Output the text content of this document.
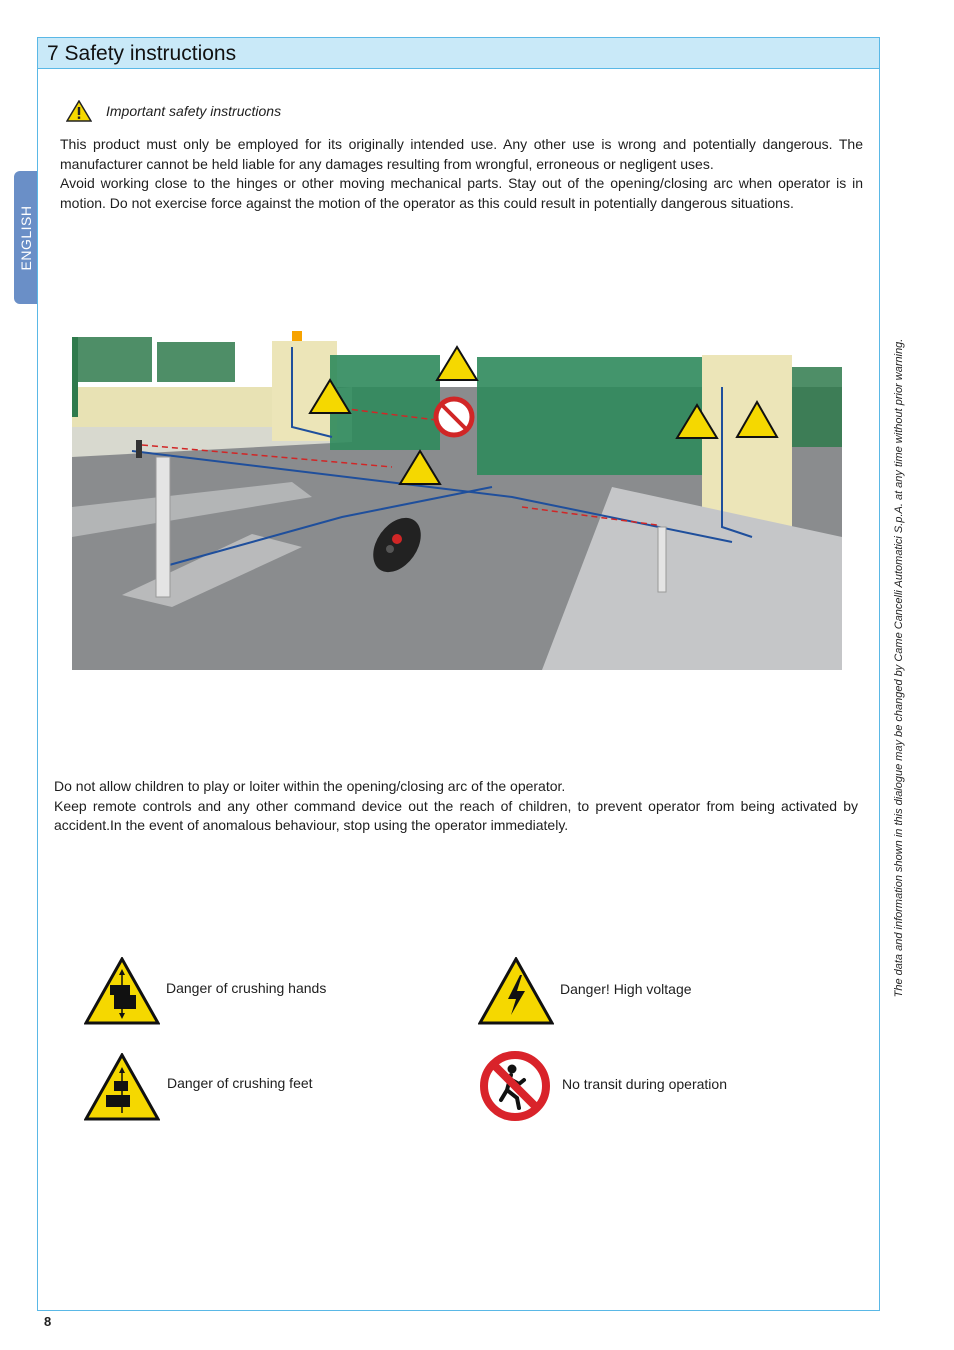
7 Safety instructions
ENGLISH
The data and information shown in this dialogue may be changed by Came Cancelli Automatici S.p.A. at any time without prior warning.
Important safety instructions
This product must only be employed for its originally intended use. Any other use is wrong and potentially dangerous. The manufacturer cannot be held liable for any damages resulting from wrongful, erroneous or negligent uses.
Avoid working close to the hinges or other moving mechanical parts. Stay out of the opening/closing arc when operator is in motion. Do not exercise force against the motion of the operator as this could result in potentially dangerous situations.
Do not allow children to play or loiter within the opening/closing arc of the operator.
Keep remote controls and any other command device out the reach of children, to prevent operator from being activated by accident.In the event of anomalous behaviour, stop using the operator immediately.
Danger of crushing hands	Danger! High voltage
Danger of crushing feet	No transit during operation
8
